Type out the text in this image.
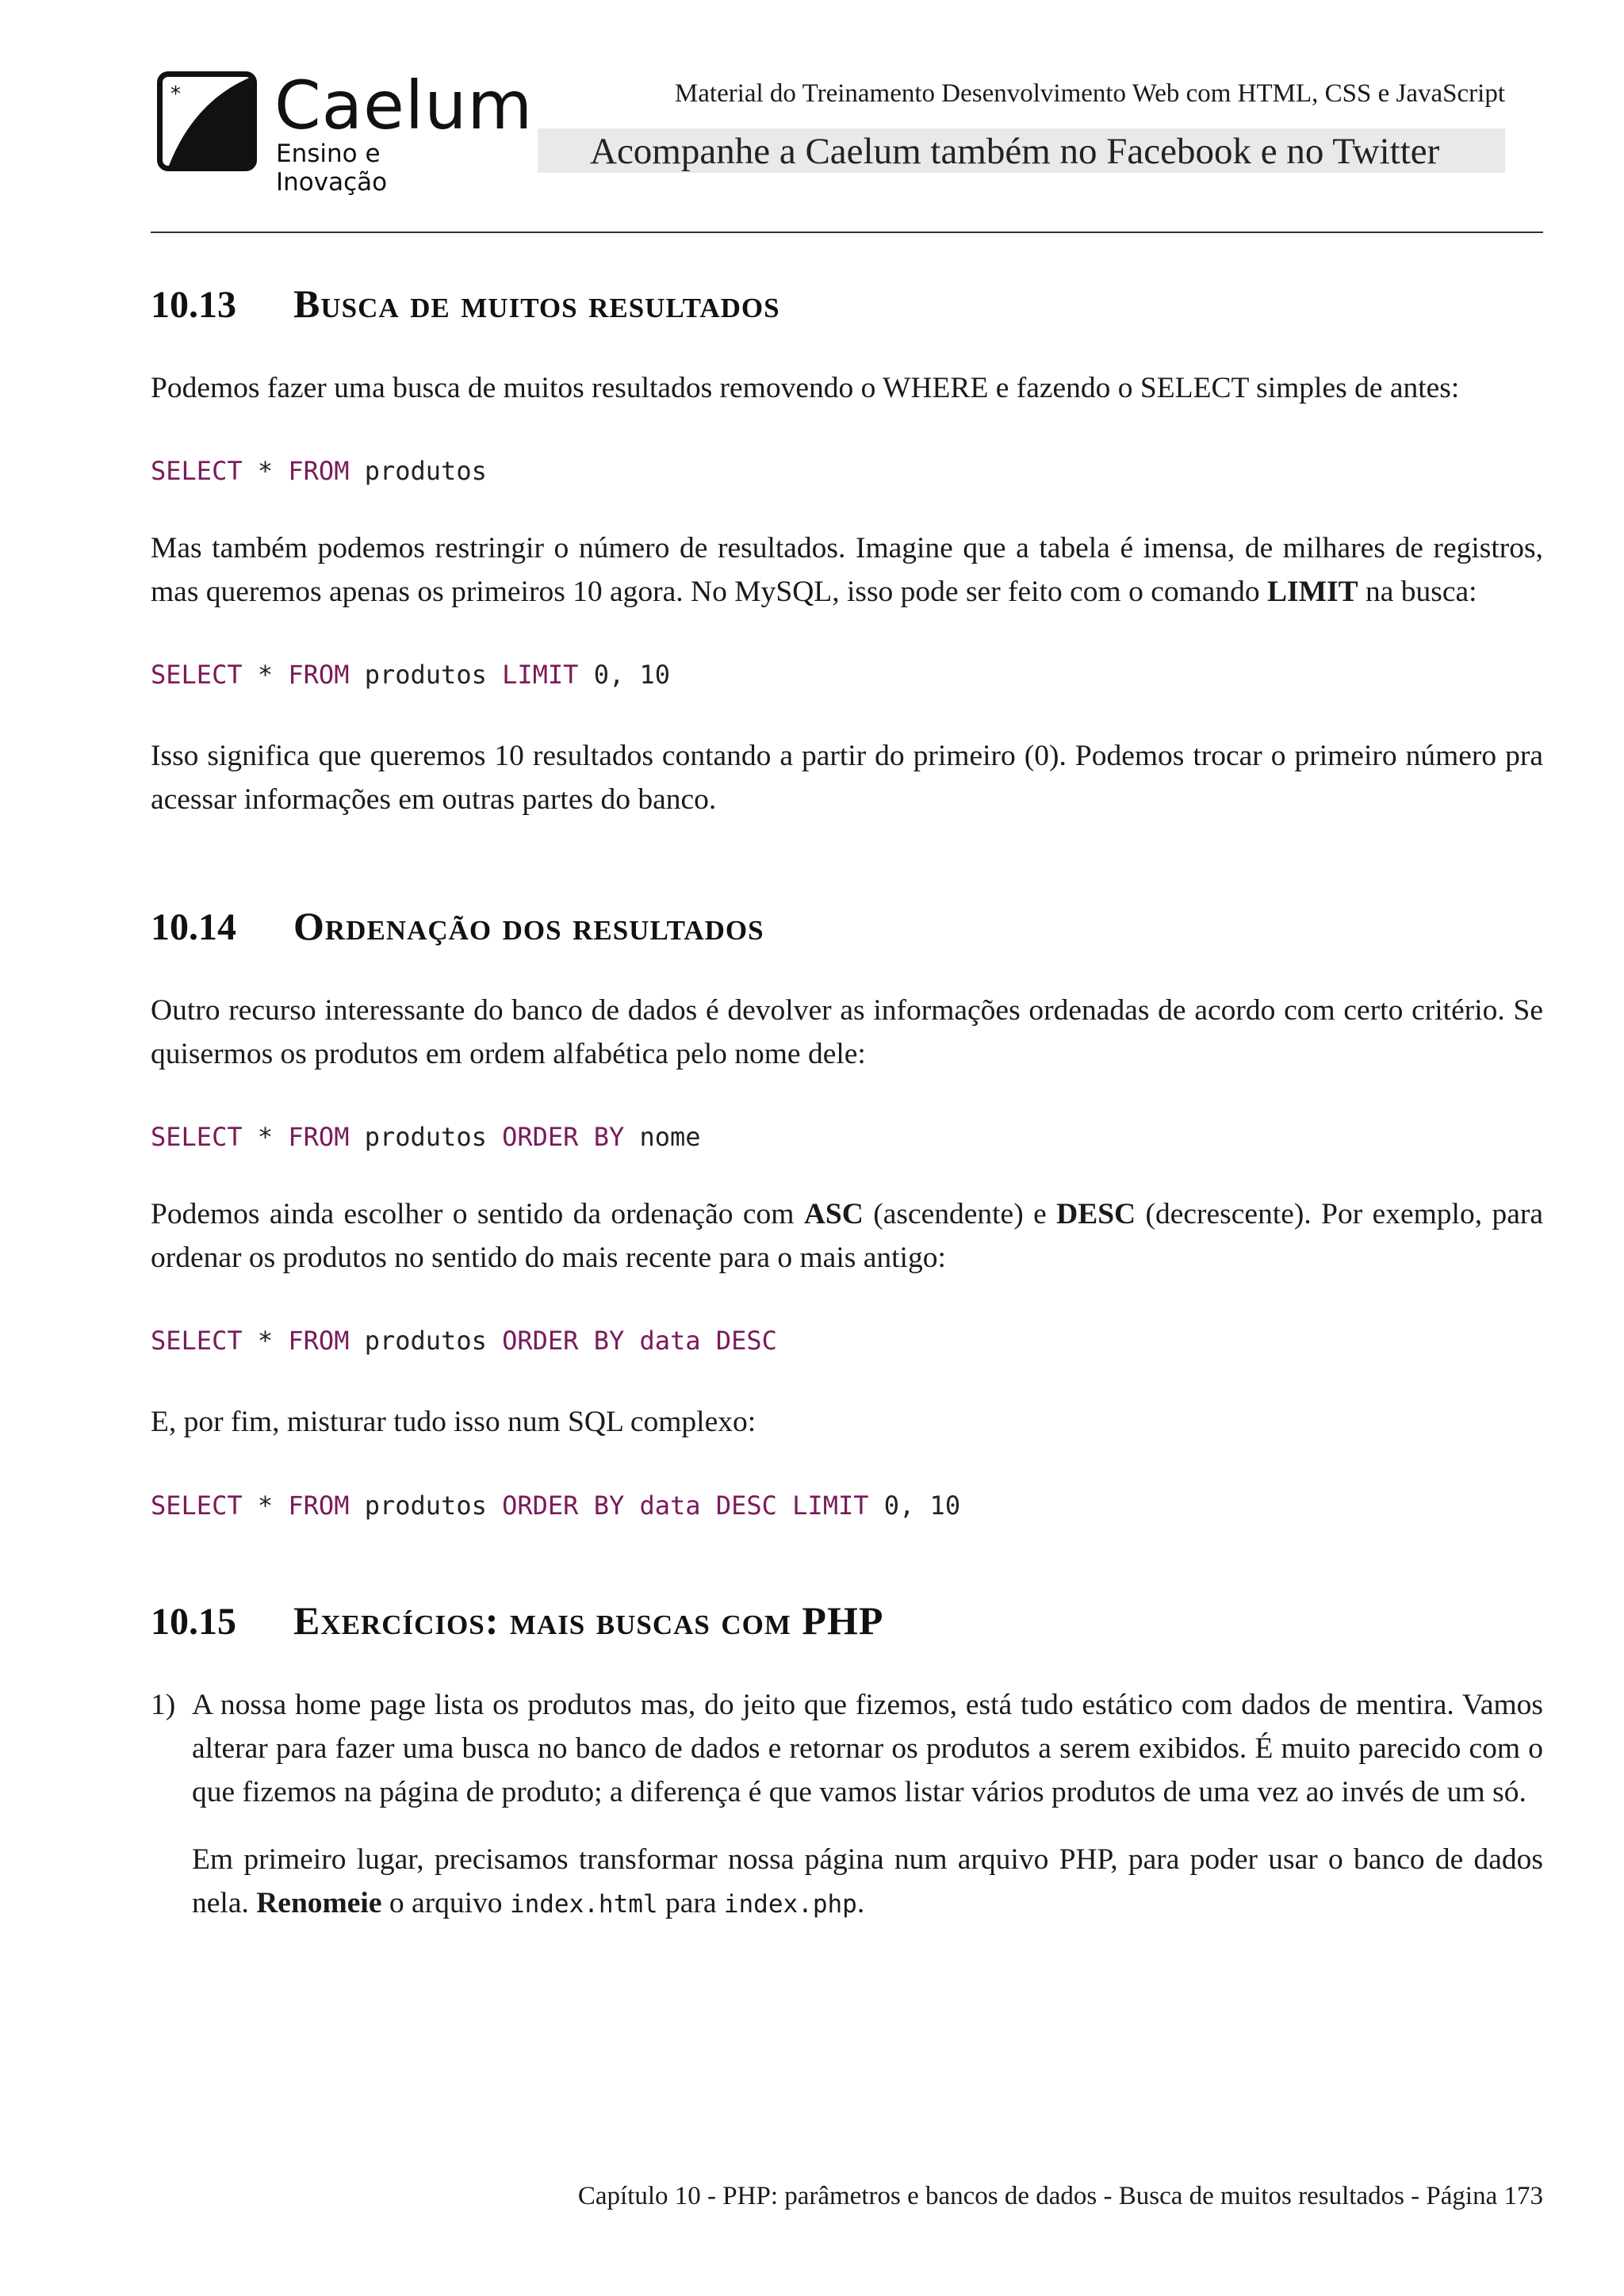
* Caelum
Ensino e Inovação
Material do Treinamento Desenvolvimento Web com HTML, CSS e JavaScript
Acompanhe a Caelum também no Facebook e no Twitter
10.13	Busca de muitos resultados

Podemos fazer uma busca de muitos resultados removendo o WHERE e fazendo o SELECT simples de antes:

SELECT * FROM produtos

Mas também podemos restringir o número de resultados. Imagine que a tabela é imensa, de milhares de registros, mas queremos apenas os primeiros 10 agora. No MySQL, isso pode ser feito com o comando LIMIT na busca:

SELECT * FROM produtos LIMIT 0, 10

Isso significa que queremos 10 resultados contando a partir do primeiro (0). Podemos trocar o primeiro número pra acessar informações em outras partes do banco.

10.14	Ordenação dos resultados

Outro recurso interessante do banco de dados é devolver as informações ordenadas de acordo com certo critério. Se quisermos os produtos em ordem alfabética pelo nome dele:

SELECT * FROM produtos ORDER BY nome

Podemos ainda escolher o sentido da ordenação com ASC (ascendente) e DESC (decrescente). Por exemplo, para ordenar os produtos no sentido do mais recente para o mais antigo:

SELECT * FROM produtos ORDER BY data DESC

E, por fim, misturar tudo isso num SQL complexo:

SELECT * FROM produtos ORDER BY data DESC LIMIT 0, 10
10.15	Exercícios: mais buscas com PHP
1) A nossa home page lista os produtos mas, do jeito que fizemos, está tudo estático com dados de mentira. Vamos alterar para fazer uma busca no banco de dados e retornar os produtos a serem exibidos. É muito parecido com o que fizemos na página de produto; a diferença é que vamos listar vários produtos de uma vez ao invés de um só.

Em primeiro lugar, precisamos transformar nossa página num arquivo PHP, para poder usar o banco de dados nela. Renomeie o arquivo index.html para index.php.

Capítulo 10 - PHP: parâmetros e bancos de dados - Busca de muitos resultados - Página 173
